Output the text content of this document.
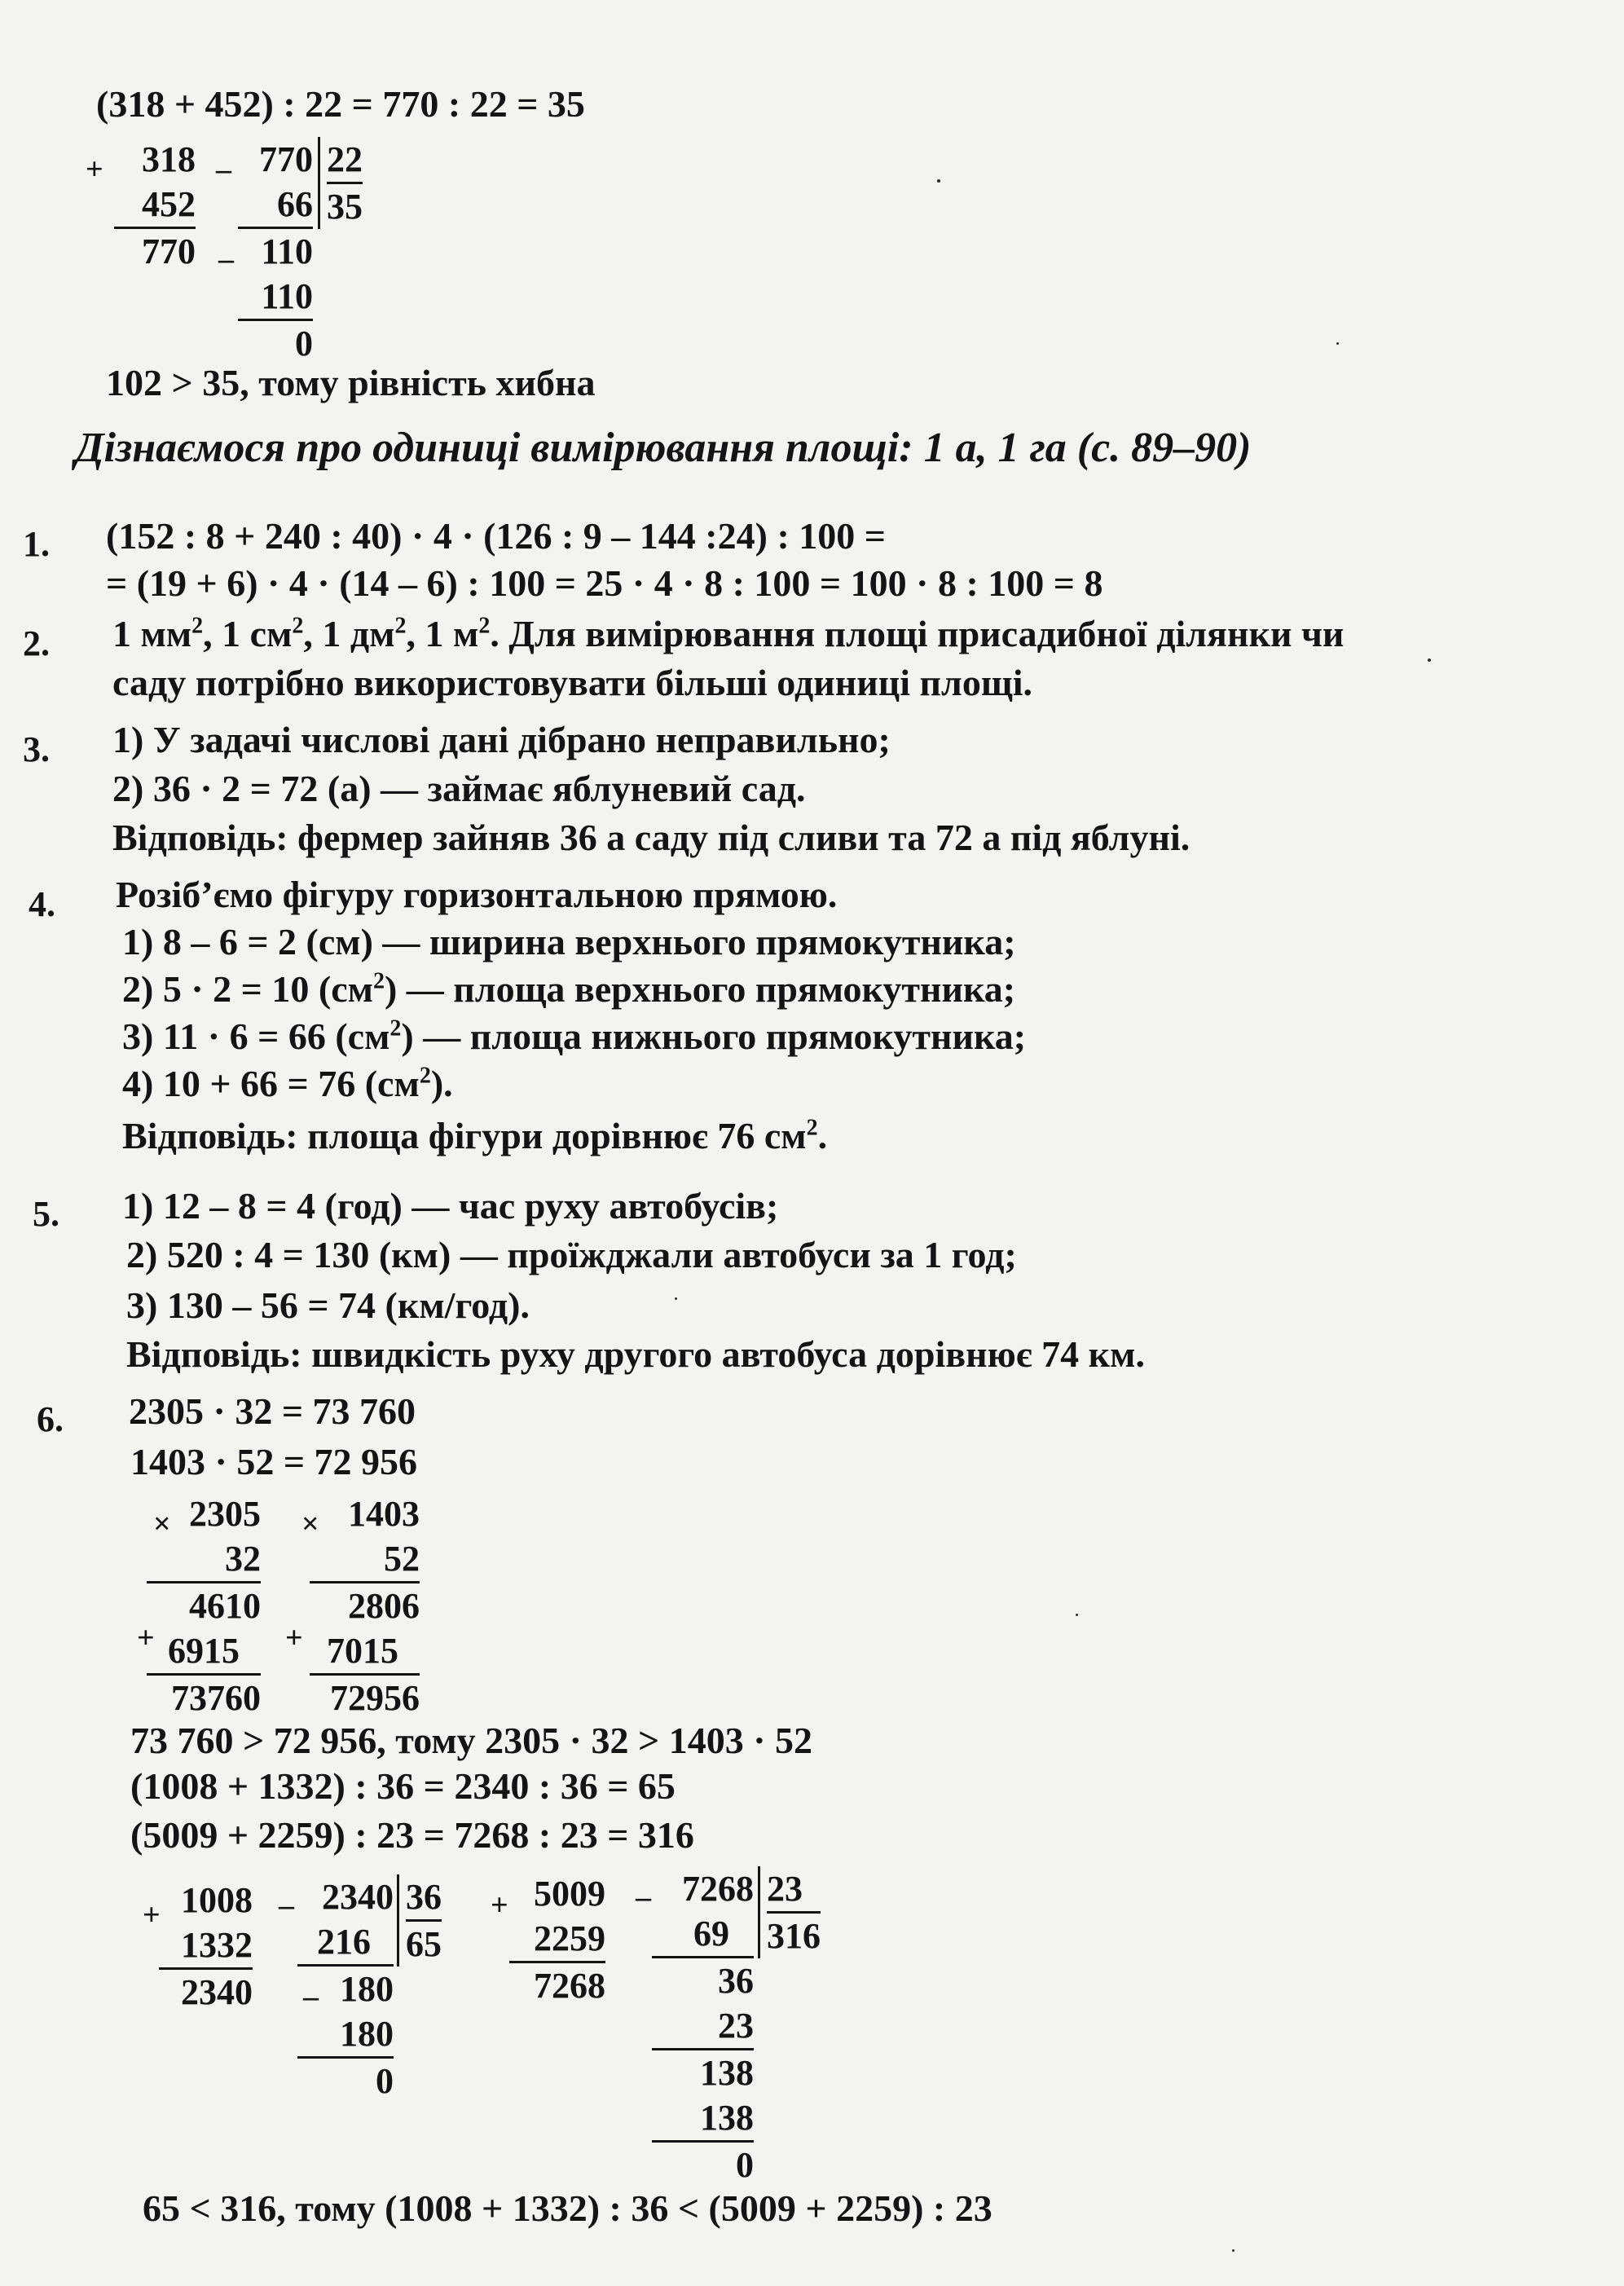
(318 + 452) : 22 = 770 : 22 = 35
+	318
452
770
– 770
66
110
110
0
–
22
35
102 > 35, тому рівність хибна
Дізнаємося про одиниці вимірювання площі: 1 а, 1 га (с. 89–90)
1. (152 : 8 + 240 : 40) · 4 · (126 : 9 – 144 :24) : 100 =
= (19 + 6) · 4 · (14 – 6) : 100 = 25 · 4 · 8 : 100 = 100 · 8 : 100 = 8
2. 1 $мм^2$, 1 $см^2$, 1 $дм^2$, 1 $м^2$. Для вимірювання площі присадибної ділянки чи
саду потрібно використовувати більші одиниці площі.
3. 1) У задачі числові дані дібрано неправильно;
2) 36 · 2 = 72 (а) — займає яблуневий сад.
Відповідь: фермер зайняв 36 а саду під сливи та 72 а під яблуні.
4. Розіб’ємо фігуру горизонтальною прямою.
1) 8 – 6 = 2 (см) — ширина верхнього прямокутника;
2) 5 · 2 = 10 $(см^2)$ — площа верхнього прямокутника;
3) 11 · 6 = 66 $(см^2)$ — площа нижнього прямокутника;
4) 10 + 66 = 76 $(см^2)$.
Відповідь: площа фігури дорівнює 76 $см^2$.
5. 1) 12 – 8 = 4 (год) — час руху автобусів;
2) 520 : 4 = 130 (км) — проїжджали автобуси за 1 год;
3) 130 – 56 = 74 (км/год).
Відповідь: швидкість руху другого автобуса дорівнює 74 км.
6. 2305 · 32 = 73 760
1403 · 52 = 72 956
×
+
2305
32
4610
6915
73760
×
+
1403
52
2806
7015
72956
73 760 > 72 956, тому 2305 · 32 > 1403 · 52
(1008 + 1332) : 36 = 2340 : 36 = 65
(5009 + 2259) : 23 = 7268 : 23 = 316
+ 1008
1332
2340
–
–
2340
216
180
180
0
36
65
+ 5009
2259
7268
– 7268
69
36
23
138
138
0
23
316
65 < 316, тому (1008 + 1332) : 36 < (5009 + 2259) : 23
